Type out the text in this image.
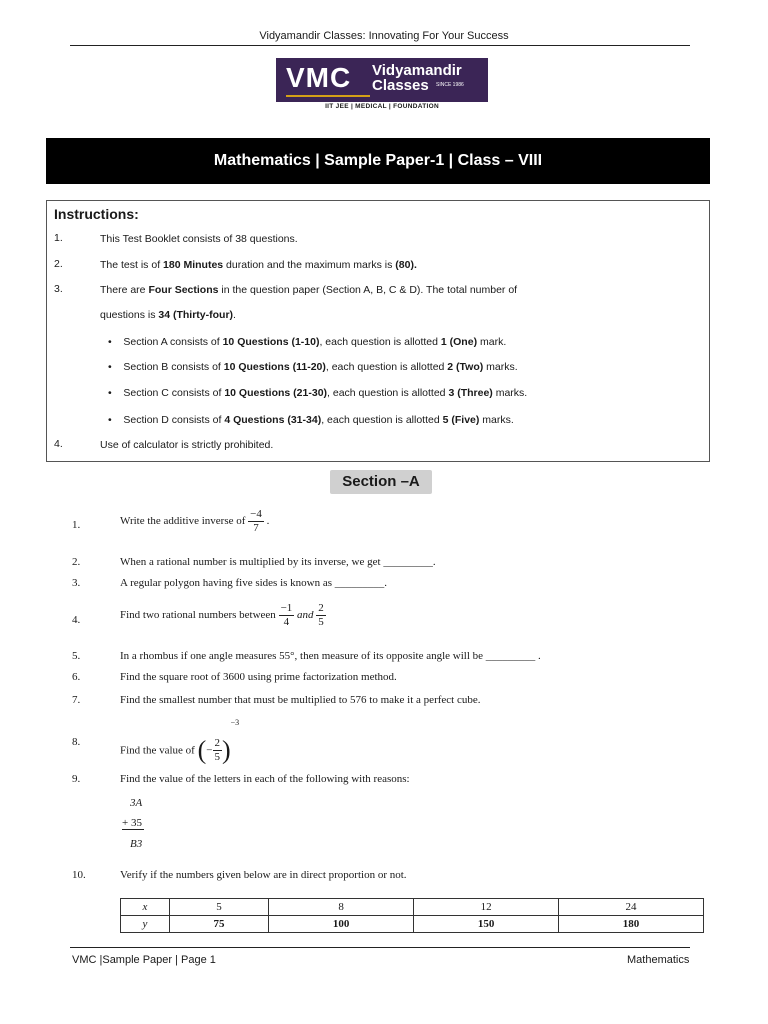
Vidyamandir Classes: Innovating For Your Success
VMC Vidyamandir
Classes	SINCE 1986
IIT JEE | MEDICAL | FOUNDATION
Mathematics | Sample Paper-1 | Class – VIII
Instructions:
1.	This Test Booklet consists of 38 questions.
2.	The test is of 180 Minutes duration and the maximum marks is (80).
3.	There are Four Sections in the question paper (Section A, B, C & D). The total number of
questions is 34 (Thirty-four).
•    Section A consists of 10 Questions (1-10), each question is allotted 1 (One) mark.
•    Section B consists of 10 Questions (11-20), each question is allotted 2 (Two) marks.
•    Section C consists of 10 Questions (21-30), each question is allotted 3 (Three) marks.
•    Section D consists of 4 Questions (31-34), each question is allotted 5 (Five) marks.
4.	Use of calculator is strictly prohibited.
Section –A
1.	Write the additive inverse of $\frac{-4}{7}$ .
2.	When a rational number is multiplied by its inverse, we get _________.
3.	A regular polygon having five sides is known as _________.
4.	Find two rational numbers between $\frac{-1}{4}$ and $\frac{2}{5}$
5.	In a rhombus if one angle measures 55°, then measure of its opposite angle will be _________ .
6.	Find the square root of 3600 using prime factorization method.
7.	Find the smallest number that must be multiplied to 576 to make it a perfect cube.
8.
Find the value of (− $\frac{2}{5} )^{-3}$
9.	Find the value of the letters in each of the following with reasons:
3A
+ 35
B3
10.	Verify if the numbers given below are in direct proportion or not.
x	5	8	12	24
y	75	100	150	180
VMC |Sample Paper | Page 1	Mathematics
